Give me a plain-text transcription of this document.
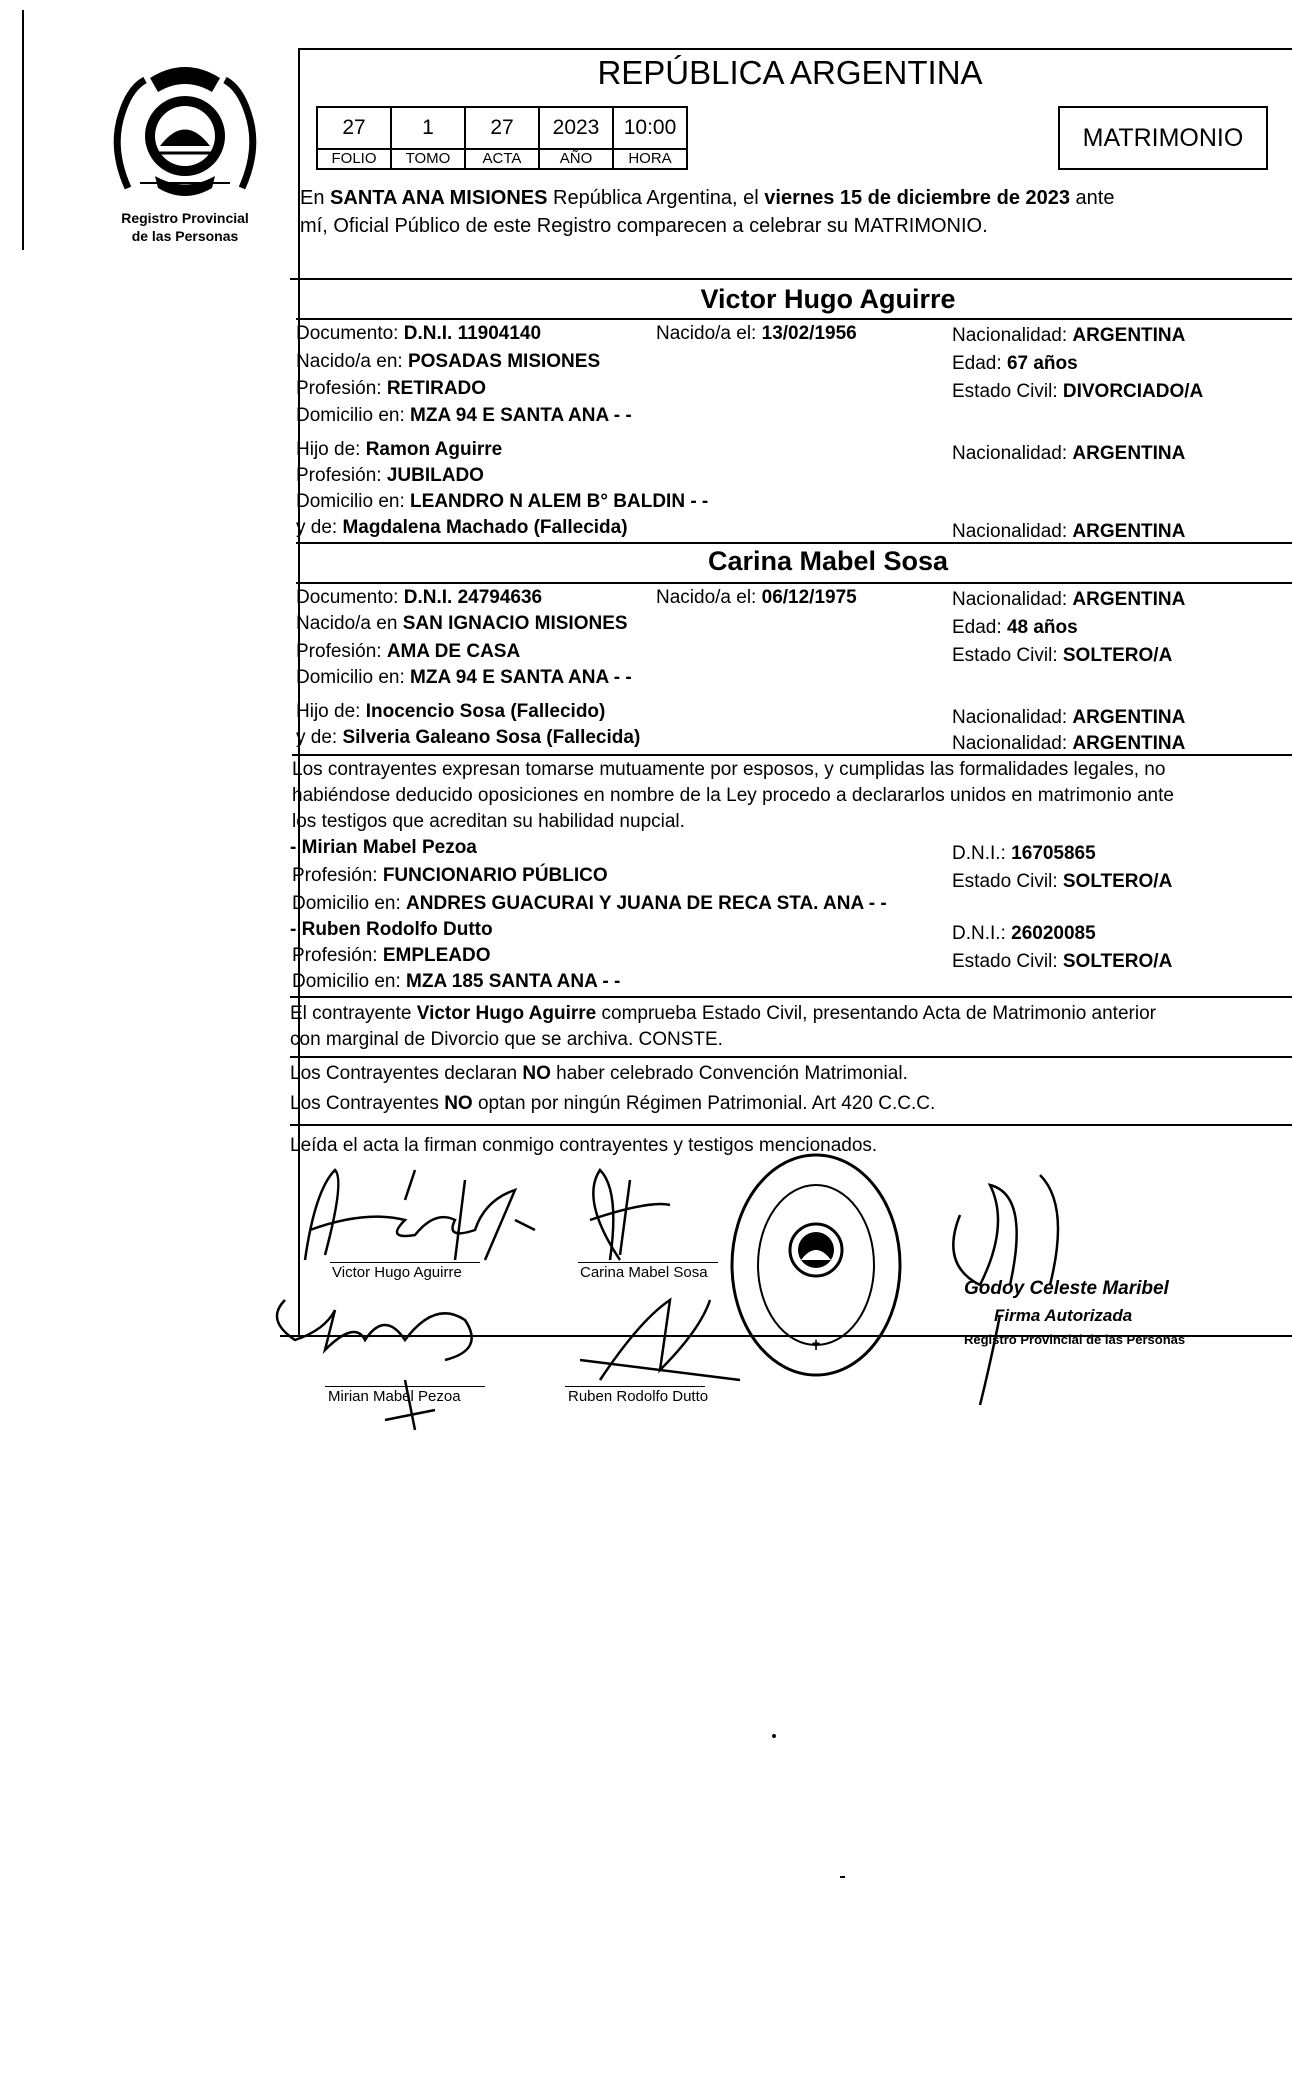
Registro Provincial
de las Personas
REPÚBLICA ARGENTINA
27	1	27	2023	10:00
FOLIO	TOMO	ACTA	AÑO	HORA
MATRIMONIO
En SANTA ANA MISIONES República Argentina, el viernes 15 de diciembre de 2023 ante
mí, Oficial Público de este Registro comparecen a celebrar su MATRIMONIO.
Victor Hugo Aguirre
Documento: D.N.I. 11904140	Nacido/a el: 13/02/1956	Nacionalidad: ARGENTINA
Nacido/a en: POSADAS MISIONES	Edad: 67 años
Profesión: RETIRADO	Estado Civil: DIVORCIADO/A
Domicilio en: MZA 94 E SANTA ANA - -
Hijo de: Ramon Aguirre	Nacionalidad: ARGENTINA
Profesión: JUBILADO
Domicilio en: LEANDRO N ALEM B° BALDIN - -
y de: Magdalena Machado (Fallecida)	Nacionalidad: ARGENTINA
Carina Mabel Sosa
Documento: D.N.I. 24794636	Nacido/a el: 06/12/1975	Nacionalidad: ARGENTINA
Nacido/a en SAN IGNACIO MISIONES	Edad: 48 años
Profesión: AMA DE CASA	Estado Civil: SOLTERO/A
Domicilio en: MZA 94 E SANTA ANA - -
Hijo de: Inocencio Sosa (Fallecido)	Nacionalidad: ARGENTINA
y de: Silveria Galeano Sosa (Fallecida)	Nacionalidad: ARGENTINA
Los contrayentes expresan tomarse mutuamente por esposos, y cumplidas las formalidades legales, no
habiéndose deducido oposiciones en nombre de la Ley procedo a declararlos unidos en matrimonio ante
los testigos que acreditan su habilidad nupcial.
- Mirian Mabel Pezoa	D.N.I.: 16705865
Profesión: FUNCIONARIO PÚBLICO	Estado Civil: SOLTERO/A
Domicilio en: ANDRES GUACURAI Y JUANA DE RECA STA. ANA - -
- Ruben Rodolfo Dutto	D.N.I.: 26020085
Profesión: EMPLEADO	Estado Civil: SOLTERO/A
Domicilio en: MZA 185 SANTA ANA - -
El contrayente Victor Hugo Aguirre comprueba Estado Civil, presentando Acta de Matrimonio anterior
con marginal de Divorcio que se archiva. CONSTE.
Los Contrayentes declaran NO haber celebrado Convención Matrimonial.
Los Contrayentes NO optan por ningún Régimen Patrimonial. Art 420 C.C.C.
Leída el acta la firman conmigo contrayentes y testigos mencionados.
Victor Hugo Aguirre	Carina Mabel Sosa
Mirian Mabel Pezoa	Ruben Rodolfo Dutto
✝
Godoy Celeste Maribel
Firma Autorizada
Registro Provincial de las Personas
